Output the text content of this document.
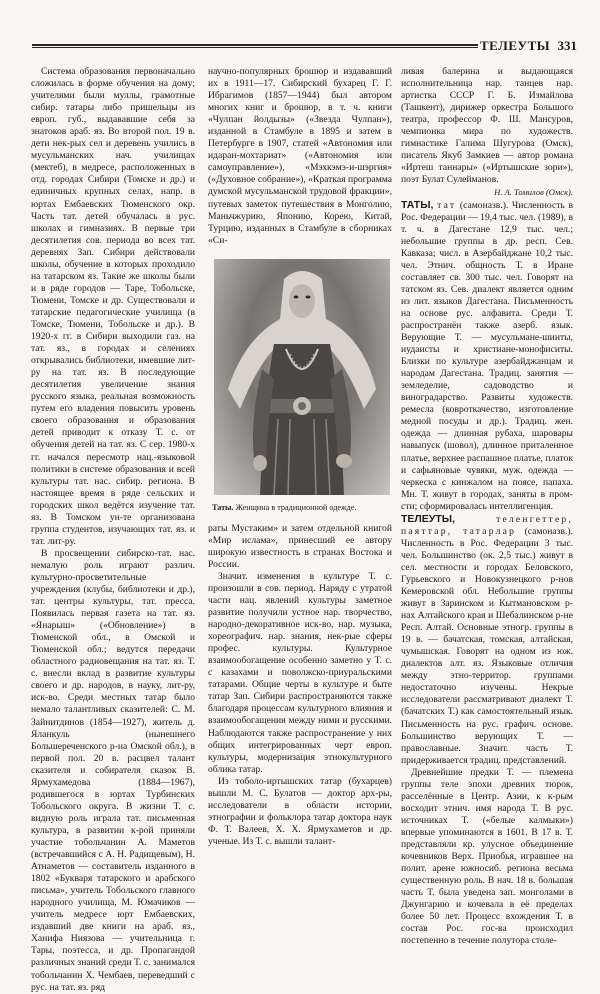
ТЕЛЕУТЫ 331

Система образования первоначально сложилась в форме обучения на дому; учителями были муллы, грамотные сибир. татары либо пришельцы из европ. губ., выдававшие себя за знатоков араб. яз. Во второй пол. 19 в. дети нек-рых сел и деревень учились в мусульманских нач. училищах (мектеб), в медресе, расположенных в отд. городах Сибири (Томске и др.) и единичных крупных селах, напр. в юртах Ембаевских Тюменского окр. Часть тат. детей обучалась в рус. школах и гимназиях. В первые три десятилетия сов. периода во всех тат. деревнях Зап. Сибири действовали школы, обучение в которых проходило на татарском яз. Такие же школы были и в ряде городов — Таре, Тобольске, Тюмени, Томске и др. Существовали и татарские педагогические училища (в Томске, Тюмени, Тобольске и др.). В 1920-х гг. в Сибири выходили газ. на тат. яз., в городах и селениях открывались библиотеки, имевшие лит-ру на тат. яз. В последующие десятилетия увеличение знания русского языка, реальная возможность путем его владения повысить уровень своего образования и образования детей приводит к отказу Т. с. от обучения детей на тат. яз. С сер. 1980-х гг. начался пересмотр нац.-языковой политики в системе образования и всей культуры тат. нас. сибир. региона. В настоящее время в ряде сельских и городских школ ведётся изучение тат. яз. В Томском ун-те организована группа студентов, изучающих тат. яз. и тат. лит-ру.

В просвещении сибирско-тат. нас. немалую роль играют различ. культурно-просветительные учреждения (клубы, библиотеки и др.), тат. центры культуры, тат. пресса. Появилась первая газета на тат. яз. «Янарыш» («Обновление») в Тюменской обл., в Омской и Тюменской обл.; ведутся передачи областного радиовещания на тат. яз. Т. с. внесли вклад в развитие культуры своего и др. народов, в науку, лит-ру, иск-во. Среди местных татар было немало талантливых сказителей: С. М. Зайнитдинов (1854—1927), житель д. Яланкуль (нынешнего Большереченского р-на Омской обл.), в первой пол. 20 в. расцвел талант сказителя и собирателя сказок В. Ярмухамедова (1884—1967), родившегося в юртах Турбинских Тобольского округа. В жизни Т. с. видную роль играла тат. письменная культура, в развитии к-рой приняли участие тобольчанин А. Маметов (встречавшийся с А. Н. Радищевым), Н. Атнаметов — составитель изданного в 1802 «Букваря татарского и арабского письма», учитель Тобольского главного народного училища, М. Юмачиков — учитель медресе юрт Ембаевских, издавший две книги на араб. яз., Ханифа Ниязова — учительница г. Тары, поэтесса, и др. Пропагандой различных знаний среди Т. с. занимался тобольчанин Х. Чембаев, переведший с рус. на тат. яз. ряд

научно-популярных брошюр и издававший их в 1911—17. Сибирский бухарец Г. Г. Ибрагимов (1857—1944) был автором многих книг и брошюр, в т. ч. книги «Чулпан йолдызы» («Звезда Чулпан»), изданной в Стамбуле в 1895 и затем в Петербурге в 1907, статей «Автономия или идаран-мохтариат» («Автономия или самоуправление»), «Мэхкэмэ-и-шэргия» («Духовное собрание»), «Краткая программа думской мусульманской трудовой фракции», путевых заметок путешествия в Монголию, Маньчжурию, Японию, Корею, Китай, Турцию, изданных в Стамбуле в сборниках «Си-

Таты. Женщина в традиционной одежде.

раты Мустаким» и затем отдельной книгой «Мир ислама», принесший ее автору широкую известность в странах Востока и России.

Значит. изменения в культуре Т. с. произошли в сов. период. Наряду с утратой части нац. явлений культуры заметное развитие получили устное нар. творчество, народно-декоративное иск-во, нар. музыка, хореографич. нар. знания, нек-рые сферы профес. культуры. Культурное взаимообогащение особенно заметно у Т. с. с казахами и поволжско-приуральскими татарами. Общие черты в культуре и быте татар Зап. Сибири распространяются также благодаря процессам культурного влияния и взаимообогащения между ними и русскими. Наблюдаются также распространение у них общих интегрированных черт европ. культуры, модернизация этнокультурного облика татар.

Из тоболо-иртышских татар (бухарцев) вышли М. С. Булатов — доктор арх-ры, исследователи в области истории, этнографии и фольклора татар доктора наук Ф. Т. Валеев, Х. Х. Ярмухаметов и др. ученые. Из Т. с. вышли талант-

ливая балерина и выдающаяся исполнительница нар. танцев нар. артистка СССР Г. Б. Измайлова (Ташкент), дирижер оркестра Большого театра, профессор Ф. Ш. Мансуров, чемпионка мира по художеств. гимнастике Галима Шугурова (Омск), писатель Якуб Замкиев — автор романа «Иртеш таннары» («Иртышские зори»), поэт Булат Сулейманов.

Н. А. Томилов (Омск).

ТАТЫ, тат (самоназв.). Численность в Рос. Федерации — 19,4 тыс. чел. (1989), в т. ч. в Дагестане 12,9 тыс. чел.; небольшие группы в др. респ. Сев. Кавказа; числ. в Азербайджане 10,2 тыс. чел. Этнич. общность Т. в Иране составляет св. 300 тыс. чел. Говорят на татском яз. Сев. диалект является одним из лит. языков Дагестана. Письменность на основе рус. алфавита. Среди Т. распространён также азерб. язык. Верующие Т. — мусульмане-шииты, иудаисты и христиане-монофиситы. Близки по культуре азербайджанцам и народам Дагестана. Традиц. занятия — земледелие, садоводство и виноградарство. Развиты художеств. ремесла (ковроткачество, изготовление медной посуды и др.). Традиц. жен. одежда — длинная рубаха, шаровары навыпуск (шовол), длинное приталенное платье, верхнее распашное платье, платок и сафьяновые чувяки, муж. одежда — черкеска с кинжалом на поясе, папаха. Мн. Т. живут в городах, заняты в пром-сти; сформировалась интеллигенция.

ТЕЛЕУТЫ,	теленгеттер, паяттар, татарлар (самоназв.). Численность в Рос. Федерации 3 тыс. чел. Большинство (ок. 2,5 тыс.) живут в сел. местности и городах Беловского, Гурьевского и Новокузнецкого р-нов Кемеровской обл. Небольшие группы живут в Заринском и Кытмановском р-нах Алтайского края и Шебалинском р-не Респ. Алтай. Основные этногр. группы в 19 в. — бачатская, томская, алтайская, чумышская. Говорят на одном из юж. диалектов алт. яз. Языковые отличия между этно-территор. группами недостаточно изучены. Некрые исследователи рассматривают диалект Т. (бачатских Т.) как самостоятельный язык. Письменность на рус. графич. основе. Большинство верующих Т. — православные. Значит. часть Т. придерживается традиц. представлений.

Древнейшие предки Т. — племена группы теле эпохи древних тюрок, расселённые в Центр. Азии, к к-рым восходит этнич. имя народа Т. В рус. источниках Т. («белые калмыки») впервые упоминаются в 1601. В 17 в. Т. представляли кр. улусное объединение кочевников Верх. Приобья, игравшее на полит. арене южносиб. региона весьма существенную роль. В нач. 18 в. большая часть Т. была уведена зап. монголами в Джунгарию и кочевала в её пределах более 50 лет. Процесс вхождения Т. в состав Рос. гос-ва происходил постепенно в течение полутора столе-
